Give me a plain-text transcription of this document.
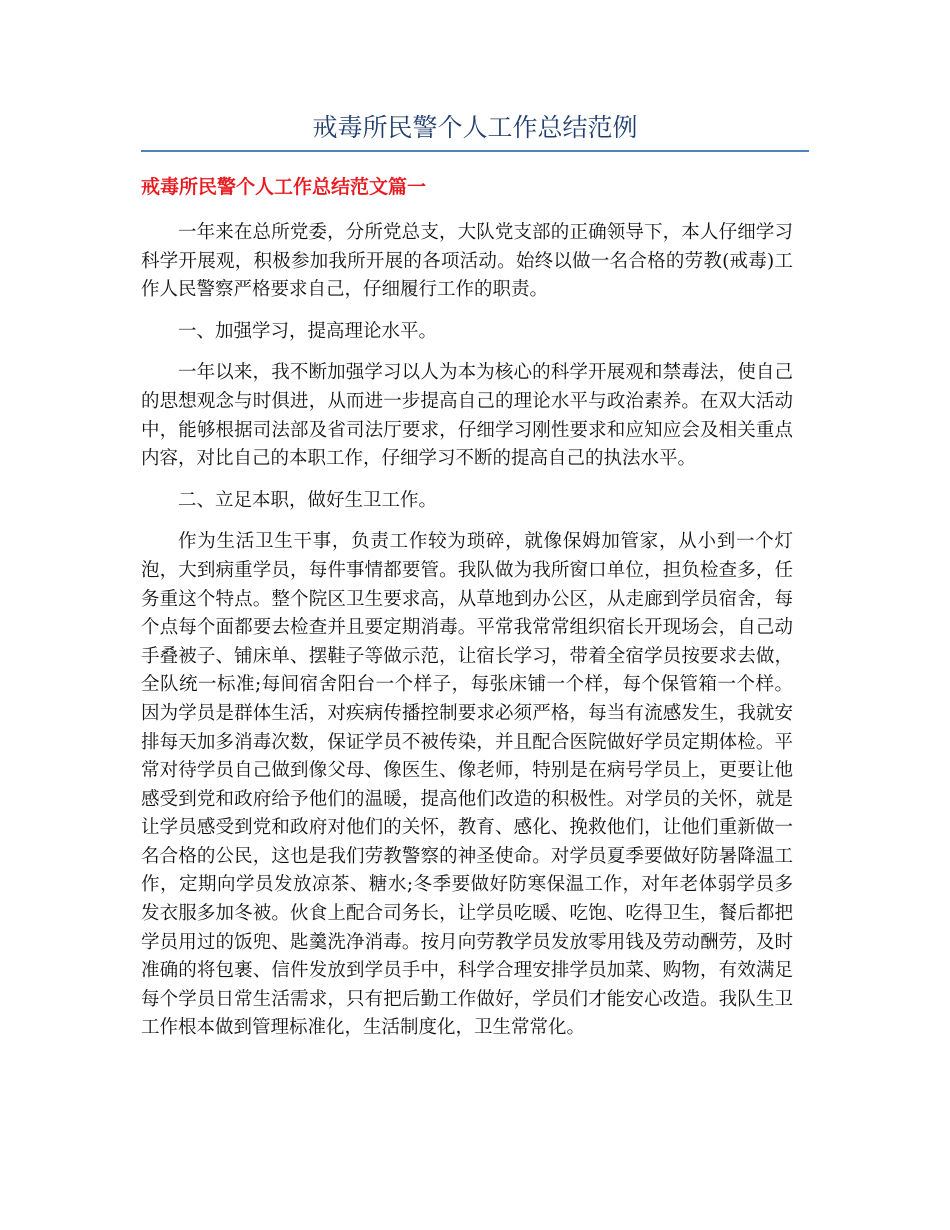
戒毒所民警个人工作总结范例
戒毒所民警个人工作总结范文篇一

一年来在总所党委，分所党总支，大队党支部的正确领导下，本人仔细学习科学开展观，积极参加我所开展的各项活动。始终以做一名合格的劳教(戒毒)工作人民警察严格要求自己，仔细履行工作的职责。

一、加强学习，提高理论水平。

一年以来，我不断加强学习以人为本为核心的科学开展观和禁毒法，使自己的思想观念与时俱进，从而进一步提高自己的理论水平与政治素养。在双大活动中，能够根据司法部及省司法厅要求，仔细学习刚性要求和应知应会及相关重点内容，对比自己的本职工作，仔细学习不断的提高自己的执法水平。

二、立足本职，做好生卫工作。

作为生活卫生干事，负责工作较为琐碎，就像保姆加管家，从小到一个灯泡，大到病重学员，每件事情都要管。我队做为我所窗口单位，担负检查多，任务重这个特点。整个院区卫生要求高，从草地到办公区，从走廊到学员宿舍，每个点每个面都要去检查并且要定期消毒。平常我常常组织宿长开现场会，自己动手叠被子、铺床单、摆鞋子等做示范，让宿长学习，带着全宿学员按要求去做，全队统一标准;每间宿舍阳台一个样子，每张床铺一个样，每个保管箱一个样。因为学员是群体生活，对疾病传播控制要求必须严格，每当有流感发生，我就安排每天加多消毒次数，保证学员不被传染，并且配合医院做好学员定期体检。平常对待学员自己做到像父母、像医生、像老师，特别是在病号学员上，更要让他感受到党和政府给予他们的温暖，提高他们改造的积极性。对学员的关怀，就是让学员感受到党和政府对他们的关怀，教育、感化、挽救他们，让他们重新做一名合格的公民，这也是我们劳教警察的神圣使命。对学员夏季要做好防暑降温工作，定期向学员发放凉茶、糖水;冬季要做好防寒保温工作，对年老体弱学员多发衣服多加冬被。伙食上配合司务长，让学员吃暖、吃饱、吃得卫生，餐后都把学员用过的饭兜、匙羹洗净消毒。按月向劳教学员发放零用钱及劳动酬劳，及时准确的将包裹、信件发放到学员手中，科学合理安排学员加菜、购物，有效满足每个学员日常生活需求，只有把后勤工作做好，学员们才能安心改造。我队生卫工作根本做到管理标准化，生活制度化，卫生常常化。
